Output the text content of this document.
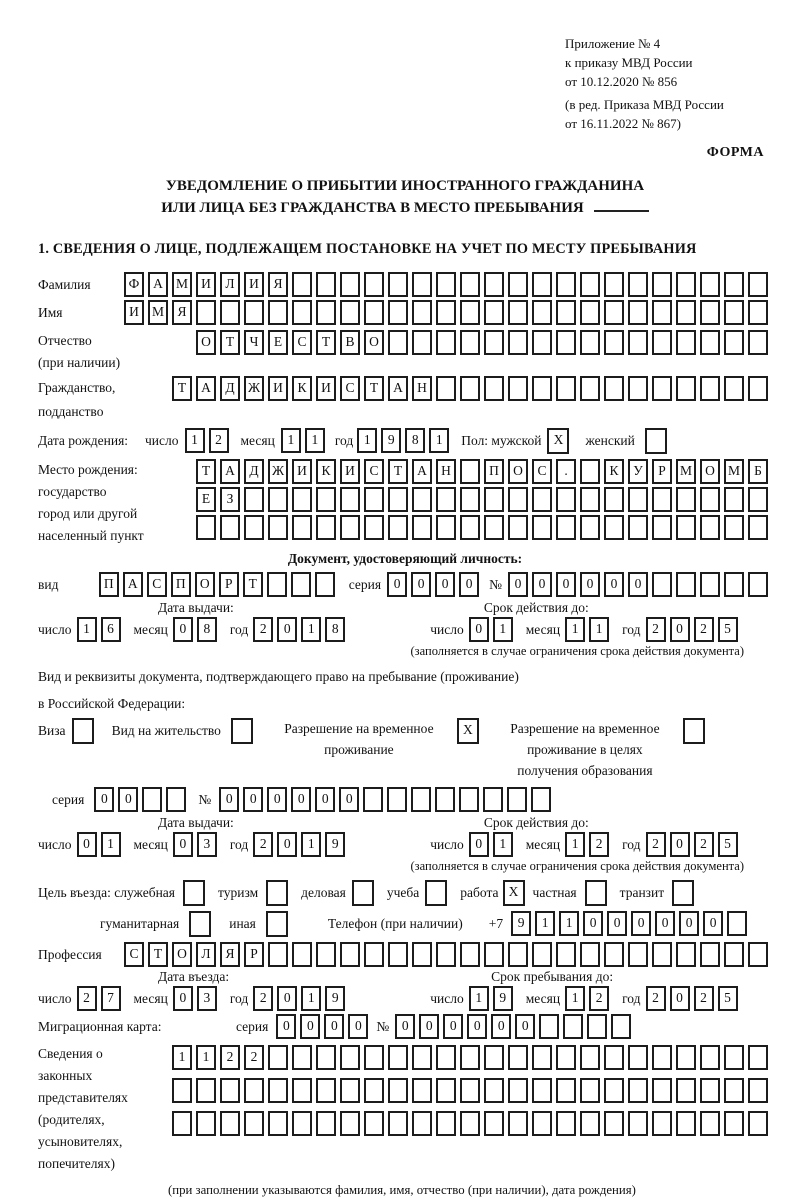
Приложение № 4
к приказу МВД России
от 10.12.2020 № 856
(в ред. Приказа МВД России
от 16.11.2022 № 867)
ФОРМА
УВЕДОМЛЕНИЕ О ПРИБЫТИИ ИНОСТРАННОГО ГРАЖДАНИНА
ИЛИ ЛИЦА БЕЗ ГРАЖДАНСТВА В МЕСТО ПРЕБЫВАНИЯ
1. СВЕДЕНИЯ О ЛИЦЕ, ПОДЛЕЖАЩЕМ ПОСТАНОВКЕ НА УЧЕТ ПО МЕСТУ ПРЕБЫВАНИЯ
Фамилия	Ф А М И Л И Я
Имя	И М Я
Отчество
(при наличии)
О Т Ч Е С Т В О
Гражданство,
подданство
Т А Д Ж И К И С Т А Н
Дата рождения:	число 1 2	месяц 1 1	год 1 9 8 1	Пол: мужской X	женский
Место рождения:
государство
город или другой
населенный пункт
Т А Д Ж И К И С Т А Н	П О С .	К У Р М О М Б
Е З
Документ, удостоверяющий личность:
вид	П А С П О Р Т	серия 0 0 0 0	№ 0 0 0 0 0 0
Дата выдачи:	Срок действия до:
число 1 6	месяц 0 8	год 2 0 1 8	число 0 1	месяц 1 1	год 2 0 2 5
(заполняется в случае ограничения срока действия документа)
Вид и реквизиты документа, подтверждающего право на пребывание (проживание)
в Российской Федерации:
Виза	Вид на жительство	Разрешение на временное
проживание
X	Разрешение на временное
проживание в целях
получения образования
серия	0 0	№	0 0 0 0 0 0
Дата выдачи:	Срок действия до:
число 0 1	месяц 0 3	год 2 0 1 9	число 0 1	месяц 1 2	год 2 0 2 5
(заполняется в случае ограничения срока действия документа)
Цель въезда: служебная	туризм	деловая	учеба	работа X	частная	транзит
гуманитарная	иная	Телефон (при наличии) +7	9 1 1 0 0 0 0 0 0
Профессия	С Т О Л Я Р
Дата въезда:	Срок пребывания до:
число 2 7	месяц 0 3	год 2 0 1 9	число 1 9	месяц 1 2	год 2 0 2 5
Миграционная карта:	серия	0 0 0 0	№ 0 0 0 0 0 0
Сведения о
законных
представителях
(родителях,
усыновителях,
попечителях)
1 1 2 2
(при заполнении указываются фамилия, имя, отчество (при наличии), дата рождения)
